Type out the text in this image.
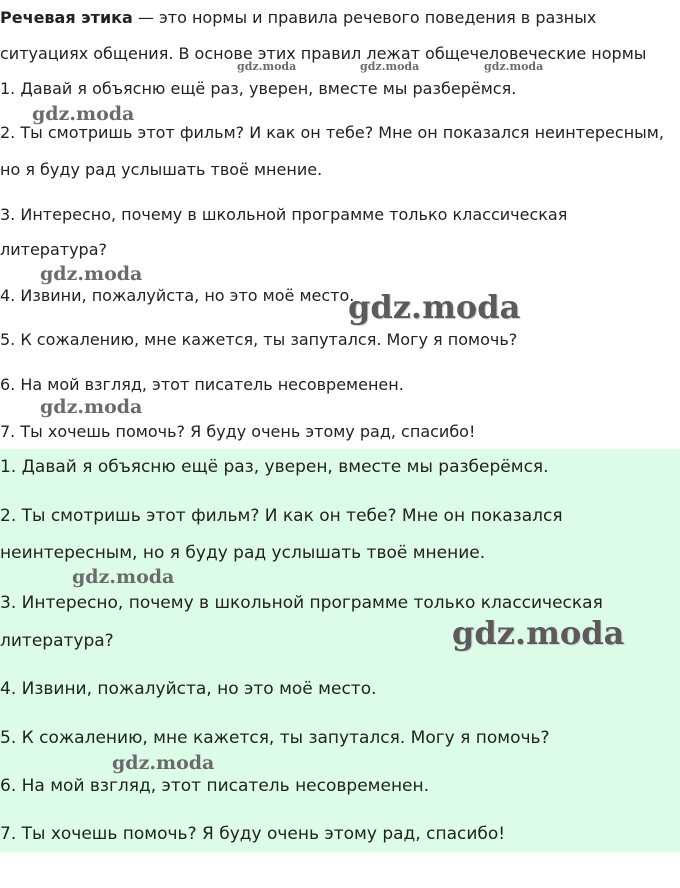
Речевая этика — это нормы и правила речевого поведения в разных
ситуациях общения. В основе этих правил лежат общечеловеческие нормы
1. Давай я объясню ещё раз, уверен, вместе мы разберёмся.
2. Ты смотришь этот фильм? И как он тебе? Мне он показался неинтересным,
но я буду рад услышать твоё мнение.
3. Интересно, почему в школьной программе только классическая
литература?
4. Извини, пожалуйста, но это моё место.
5. К сожалению, мне кажется, ты запутался. Могу я помочь?
6. На мой взгляд, этот писатель несовременен.
7. Ты хочешь помочь? Я буду очень этому рад, спасибо!
1. Давай я объясню ещё раз, уверен, вместе мы разберёмся.
2. Ты смотришь этот фильм? И как он тебе? Мне он показался
неинтересным, но я буду рад услышать твоё мнение.
3. Интересно, почему в школьной программе только классическая
литература?
4. Извини, пожалуйста, но это моё место.
5. К сожалению, мне кажется, ты запутался. Могу я помочь?
6. На мой взгляд, этот писатель несовременен.
7. Ты хочешь помочь? Я буду очень этому рад, спасибо!
gdz.moda	gdz.moda	gdz.moda
gdz.moda
gdz.moda
gdz.moda
gdz.moda
gdz.moda
gdz.moda
gdz.moda
